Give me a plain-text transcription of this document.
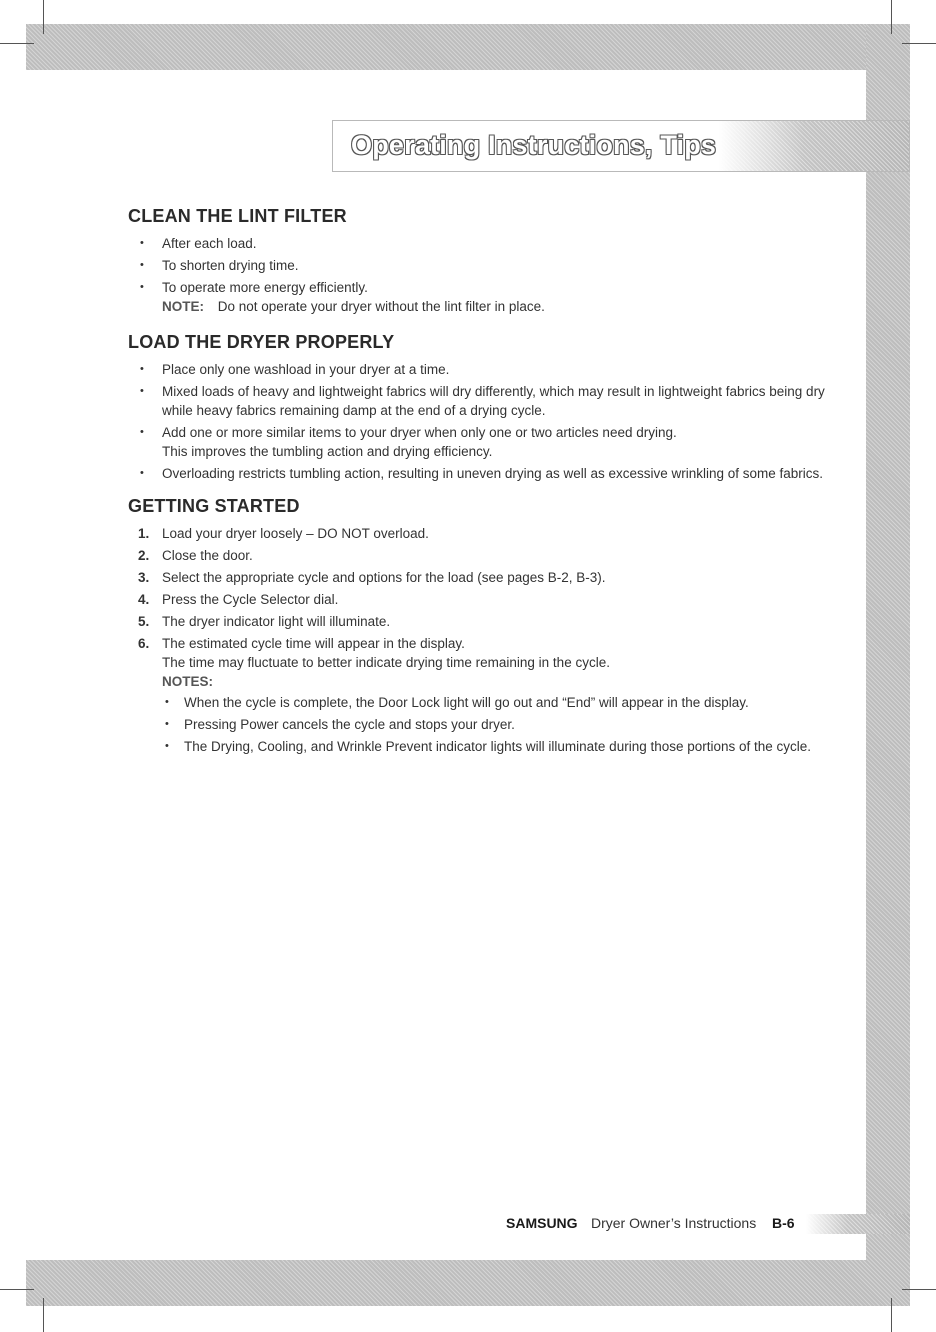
Operating Instructions, Tips
CLEAN THE LINT FILTER
• After each load.
• To shorten drying time.
• To operate more energy efficiently.
NOTE: Do not operate your dryer without the lint filter in place.
LOAD THE DRYER PROPERLY
• Place only one washload in your dryer at a time.
• Mixed loads of heavy and lightweight fabrics will dry differently, which may result in lightweight fabrics being dry while heavy fabrics remaining damp at the end of a drying cycle.
• Add one or more similar items to your dryer when only one or two articles need drying.
This improves the tumbling action and drying efficiency.
• Overloading restricts tumbling action, resulting in uneven drying as well as excessive wrinkling of some fabrics.
GETTING STARTED
1. Load your dryer loosely – DO NOT overload.
2. Close the door.
3. Select the appropriate cycle and options for the load (see pages B-2, B-3).
4. Press the Cycle Selector dial.
5. The dryer indicator light will illuminate.
6. The estimated cycle time will appear in the display.
The time may fluctuate to better indicate drying time remaining in the cycle.
NOTES:
• When the cycle is complete, the Door Lock light will go out and “End” will appear in the display.
• Pressing Power cancels the cycle and stops your dryer.
• The Drying, Cooling, and Wrinkle Prevent indicator lights will illuminate during those portions of the cycle.
SAMSUNG Dryer Owner’s Instructions B-6
